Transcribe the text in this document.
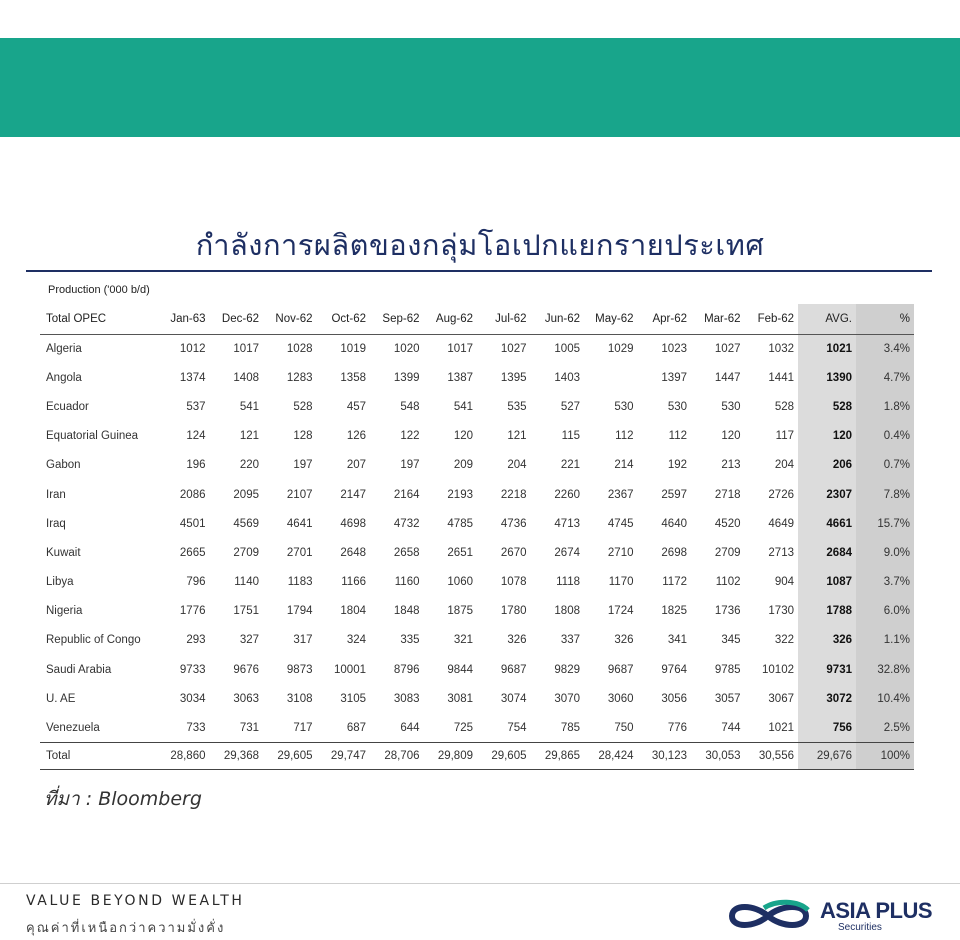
กำลังการผลิตของกลุ่มโอเปกแยกรายประเทศ
Production ('000 b/d)
Total OPEC	Jan-63	Dec-62	Nov-62	Oct-62	Sep-62	Aug-62	Jul-62	Jun-62	May-62	Apr-62	Mar-62	Feb-62	AVG.	%
Algeria	1012	1017	1028	1019	1020	1017	1027	1005	1029	1023	1027	1032	1021	3.4%
Angola	1374	1408	1283	1358	1399	1387	1395	1403		1397	1447	1441	1390	4.7%
Ecuador	537	541	528	457	548	541	535	527	530	530	530	528	528	1.8%
Equatorial Guinea	124	121	128	126	122	120	121	115	112	112	120	117	120	0.4%
Gabon	196	220	197	207	197	209	204	221	214	192	213	204	206	0.7%
Iran	2086	2095	2107	2147	2164	2193	2218	2260	2367	2597	2718	2726	2307	7.8%
Iraq	4501	4569	4641	4698	4732	4785	4736	4713	4745	4640	4520	4649	4661	15.7%
Kuwait	2665	2709	2701	2648	2658	2651	2670	2674	2710	2698	2709	2713	2684	9.0%
Libya	796	1140	1183	1166	1160	1060	1078	1118	1170	1172	1102	904	1087	3.7%
Nigeria	1776	1751	1794	1804	1848	1875	1780	1808	1724	1825	1736	1730	1788	6.0%
Republic of Congo	293	327	317	324	335	321	326	337	326	341	345	322	326	1.1%
Saudi Arabia	9733	9676	9873	10001	8796	9844	9687	9829	9687	9764	9785	10102	9731	32.8%
U. AE	3034	3063	3108	3105	3083	3081	3074	3070	3060	3056	3057	3067	3072	10.4%
Venezuela	733	731	717	687	644	725	754	785	750	776	744	1021	756	2.5%
Total	28,860	29,368	29,605	29,747	28,706	29,809	29,605	29,865	28,424	30,123	30,053	30,556	29,676	100%
ที่มา : Bloomberg
VALUE BEYOND WEALTH
คุณค่าที่เหนือกว่าความมั่งคั่ง
ASIA PLUS
Securities
